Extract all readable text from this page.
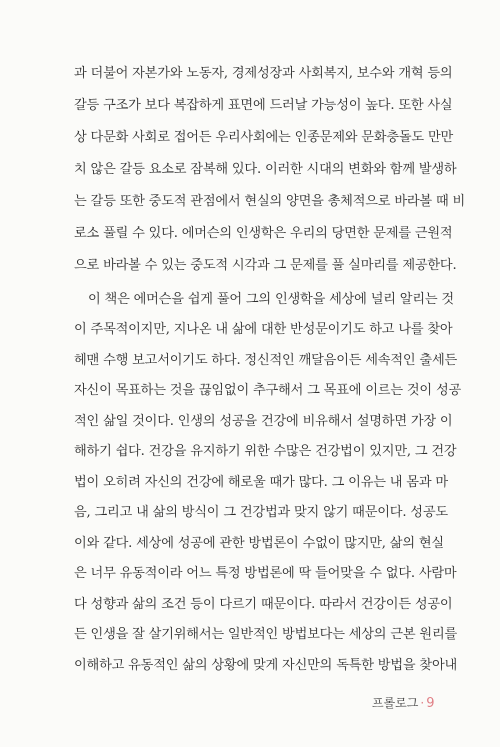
과 더불어 자본가와 노동자, 경제성장과 사회복지, 보수와 개혁 등의
갈등 구조가 보다 복잡하게 표면에 드러날 가능성이 높다. 또한 사실
상 다문화 사회로 접어든 우리사회에는 인종문제와 문화충돌도 만만
치 않은 갈등 요소로 잠복해 있다. 이러한 시대의 변화와 함께 발생하
는 갈등 또한 중도적 관점에서 현실의 양면을 총체적으로 바라볼 때 비
로소 풀릴 수 있다. 에머슨의 인생학은 우리의 당면한 문제를 근원적
으로 바라볼 수 있는 중도적 시각과 그 문제를 풀 실마리를 제공한다.
이 책은 에머슨을 쉽게 풀어 그의 인생학을 세상에 널리 알리는 것
이 주목적이지만, 지나온 내 삶에 대한 반성문이기도 하고 나를 찾아
헤맨 수행 보고서이기도 하다. 정신적인 깨달음이든 세속적인 출세든
자신이 목표하는 것을 끊임없이 추구해서 그 목표에 이르는 것이 성공
적인 삶일 것이다. 인생의 성공을 건강에 비유해서 설명하면 가장 이
해하기 쉽다. 건강을 유지하기 위한 수많은 건강법이 있지만, 그 건강
법이 오히려 자신의 건강에 해로울 때가 많다. 그 이유는 내 몸과 마
음, 그리고 내 삶의 방식이 그 건강법과 맞지 않기 때문이다. 성공도
이와 같다. 세상에 성공에 관한 방법론이 수없이 많지만, 삶의 현실
은 너무 유동적이라 어느 특정 방법론에 딱 들어맞을 수 없다. 사람마
다 성향과 삶의 조건 등이 다르기 때문이다. 따라서 건강이든 성공이
든 인생을 잘 살기위해서는 일반적인 방법보다는 세상의 근본 원리를
이해하고 유동적인 삶의 상황에 맞게 자신만의 독특한 방법을 찾아내
프롤로그 · 9
